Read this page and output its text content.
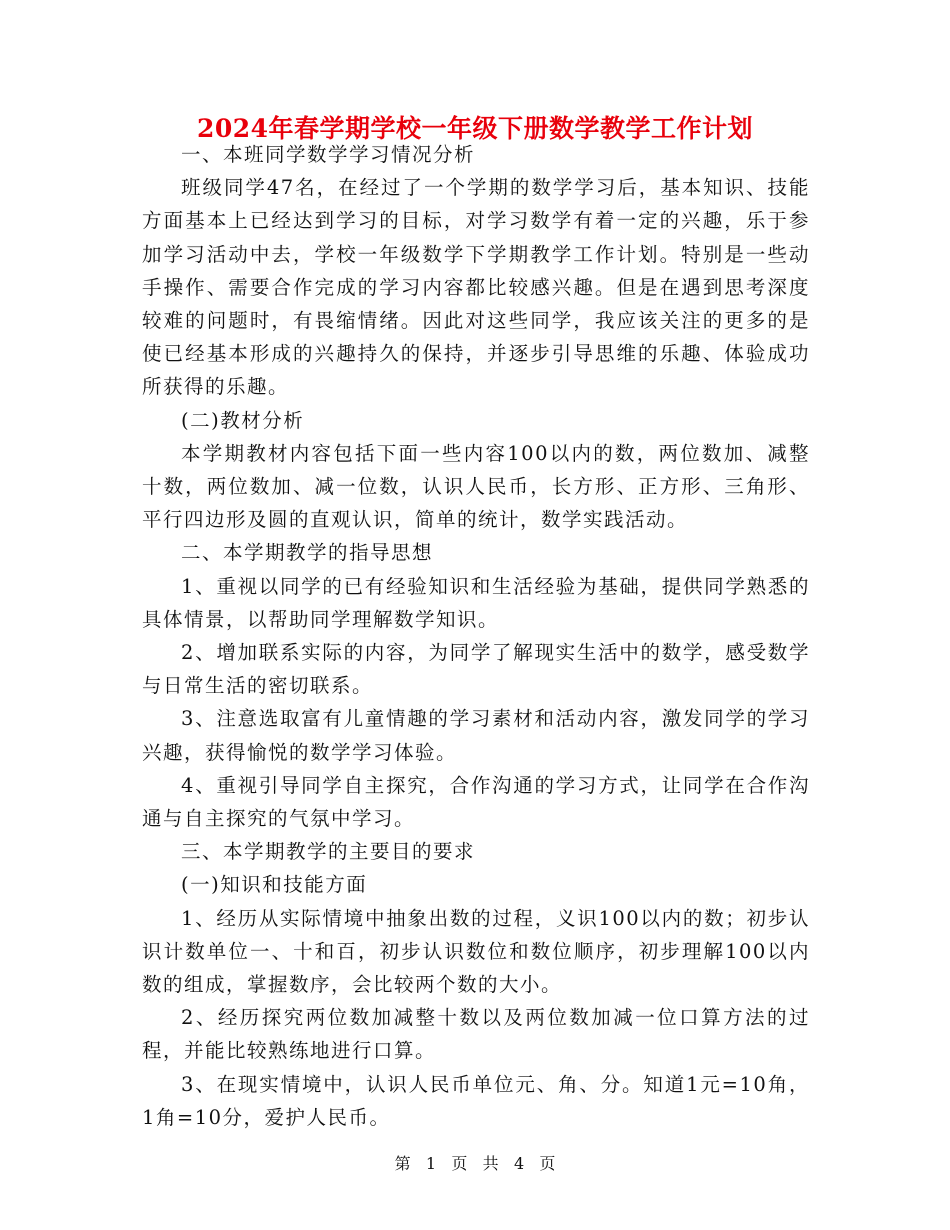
2024年春学期学校一年级下册数学教学工作计划

一、本班同学数学学习情况分析

班级同学47名，在经过了一个学期的数学学习后，基本知识、技能方面基本上已经达到学习的目标，对学习数学有着一定的兴趣，乐于参加学习活动中去，学校一年级数学下学期教学工作计划。特别是一些动手操作、需要合作完成的学习内容都比较感兴趣。但是在遇到思考深度较难的问题时，有畏缩情绪。因此对这些同学，我应该关注的更多的是使已经基本形成的兴趣持久的保持，并逐步引导思维的乐趣、体验成功所获得的乐趣。

(二)教材分析

本学期教材内容包括下面一些内容100以内的数，两位数加、减整十数，两位数加、减一位数，认识人民币，长方形、正方形、三角形、平行四边形及圆的直观认识，简单的统计，数学实践活动。

二、本学期教学的指导思想

1、重视以同学的已有经验知识和生活经验为基础，提供同学熟悉的具体情景，以帮助同学理解数学知识。

2、增加联系实际的内容，为同学了解现实生活中的数学，感受数学与日常生活的密切联系。

3、注意选取富有儿童情趣的学习素材和活动内容，激发同学的学习兴趣，获得愉悦的数学学习体验。

4、重视引导同学自主探究，合作沟通的学习方式，让同学在合作沟通与自主探究的气氛中学习。

三、本学期教学的主要目的要求

(一)知识和技能方面

1、经历从实际情境中抽象出数的过程，义识100以内的数；初步认识计数单位一、十和百，初步认识数位和数位顺序，初步理解100以内数的组成，掌握数序，会比较两个数的大小。

2、经历探究两位数加减整十数以及两位数加减一位口算方法的过程，并能比较熟练地进行口算。

3、在现实情境中，认识人民币单位元、角、分。知道1元=10角，1角=10分，爱护人民币。

第 1 页 共 4 页
